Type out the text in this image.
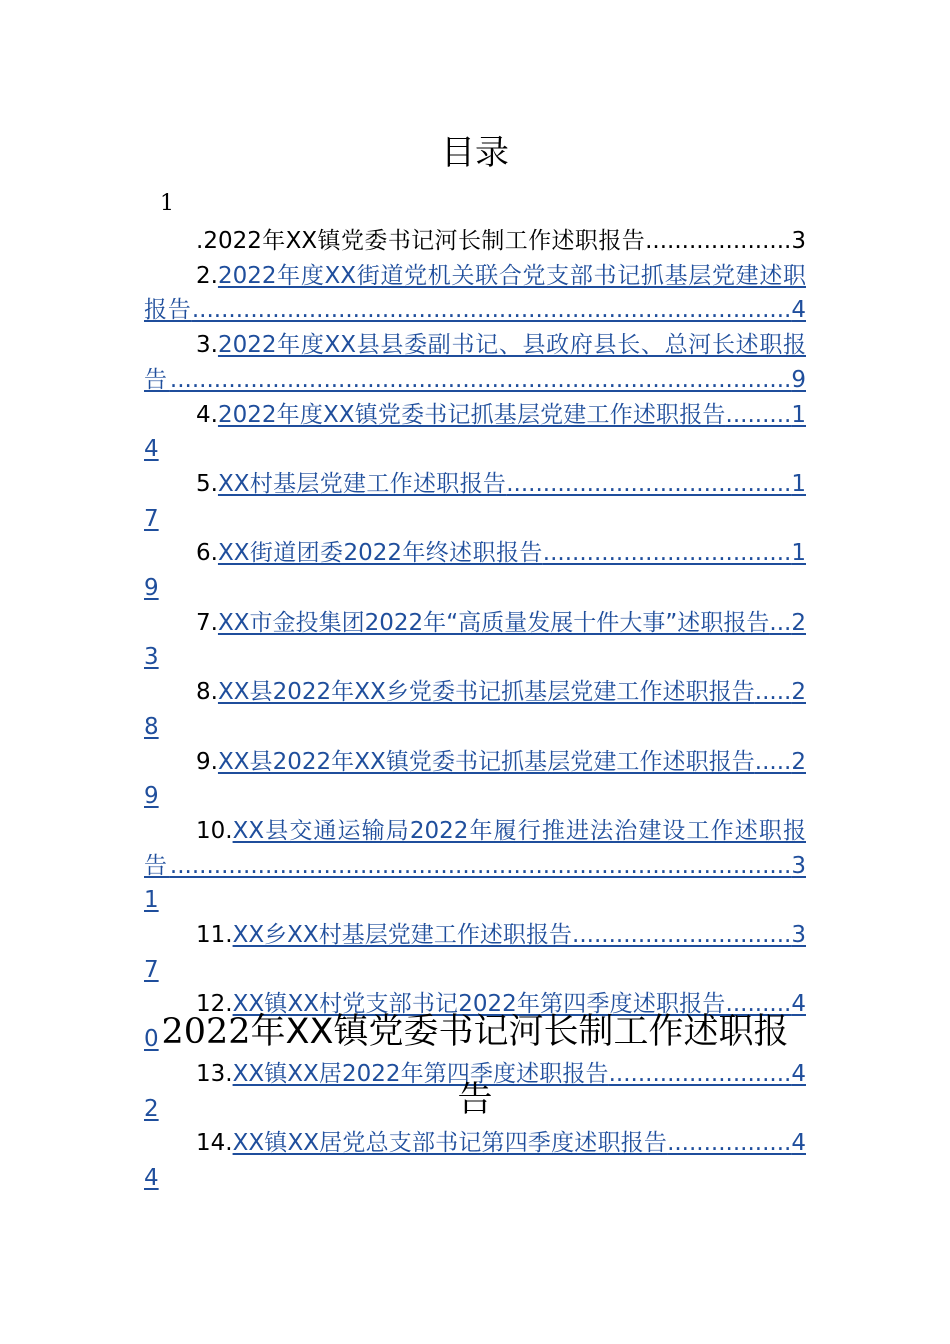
目录
1
.2022年XX镇党委书记河长制工作述职报告....................3
2.2022年度XX街道党机关联合党支部书记抓基层党建述职报告..................................................................................4
3.2022年度XX县县委副书记、县政府县长、总河长述职报告.....................................................................................9
4.2022年度XX镇党委书记抓基层党建工作述职报告.........14
5.XX村基层党建工作述职报告.......................................17
6.XX街道团委2022年终述职报告..................................19
7.XX市金投集团2022年“高质量发展十件大事”述职报告...23
8.XX县2022年XX乡党委书记抓基层党建工作述职报告.....28
9.XX县2022年XX镇党委书记抓基层党建工作述职报告.....29
10.XX县交通运输局2022年履行推进法治建设工作述职报告.....................................................................................31
11.XX乡XX村基层党建工作述职报告..............................37
12.XX镇XX村党支部书记2022年第四季度述职报告.........40
13.XX镇XX居2022年第四季度述职报告.........................42
14.XX镇XX居党总支部书记第四季度述职报告.................44
2022年XX镇党委书记河长制工作述职报告
